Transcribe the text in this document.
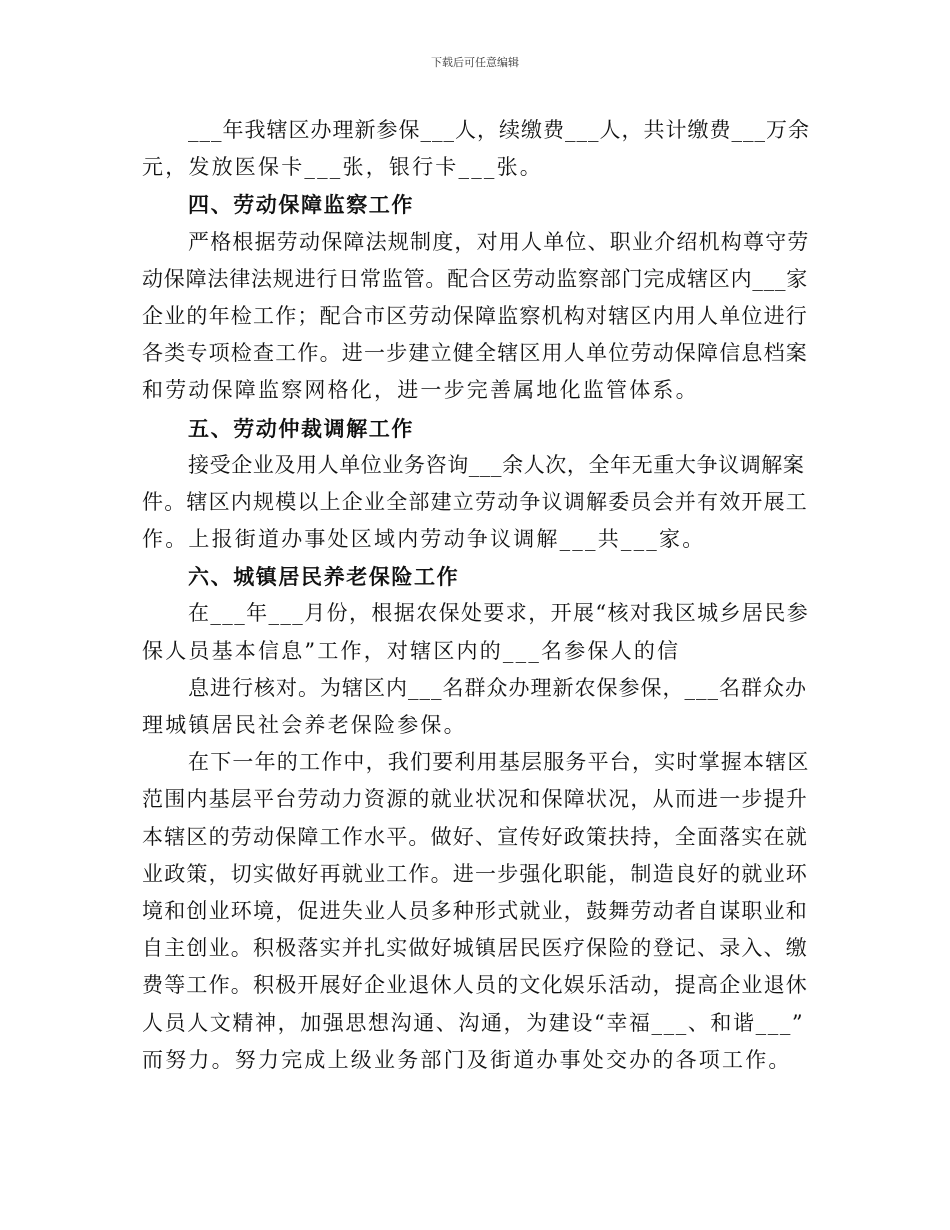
下载后可任意编辑
___年我辖区办理新参保___人，续缴费___人，共计缴费___万余
元，发放医保卡___张，银行卡___张。
四、劳动保障监察工作
严格根据劳动保障法规制度，对用人单位、职业介绍机构尊守劳
动保障法律法规进行日常监管。配合区劳动监察部门完成辖区内___家
企业的年检工作；配合市区劳动保障监察机构对辖区内用人单位进行
各类专项检查工作。进一步建立健全辖区用人单位劳动保障信息档案
和劳动保障监察网格化，进一步完善属地化监管体系。
五、劳动仲裁调解工作
接受企业及用人单位业务咨询___余人次，全年无重大争议调解案
件。辖区内规模以上企业全部建立劳动争议调解委员会并有效开展工
作。上报街道办事处区域内劳动争议调解___共___家。
六、城镇居民养老保险工作
在___年___月份，根据农保处要求，开展“核对我区城乡居民参
保人员基本信息”工作，对辖区内的___名参保人的信
息进行核对。为辖区内___名群众办理新农保参保，___名群众办
理城镇居民社会养老保险参保。
在下一年的工作中，我们要利用基层服务平台，实时掌握本辖区
范围内基层平台劳动力资源的就业状况和保障状况，从而进一步提升
本辖区的劳动保障工作水平。做好、宣传好政策扶持，全面落实在就
业政策，切实做好再就业工作。进一步强化职能，制造良好的就业环
境和创业环境，促进失业人员多种形式就业，鼓舞劳动者自谋职业和
自主创业。积极落实并扎实做好城镇居民医疗保险的登记、录入、缴
费等工作。积极开展好企业退休人员的文化娱乐活动，提高企业退休
人员人文精神，加强思想沟通、沟通，为建设“幸福___、和谐___”
而努力。努力完成上级业务部门及街道办事处交办的各项工作。
